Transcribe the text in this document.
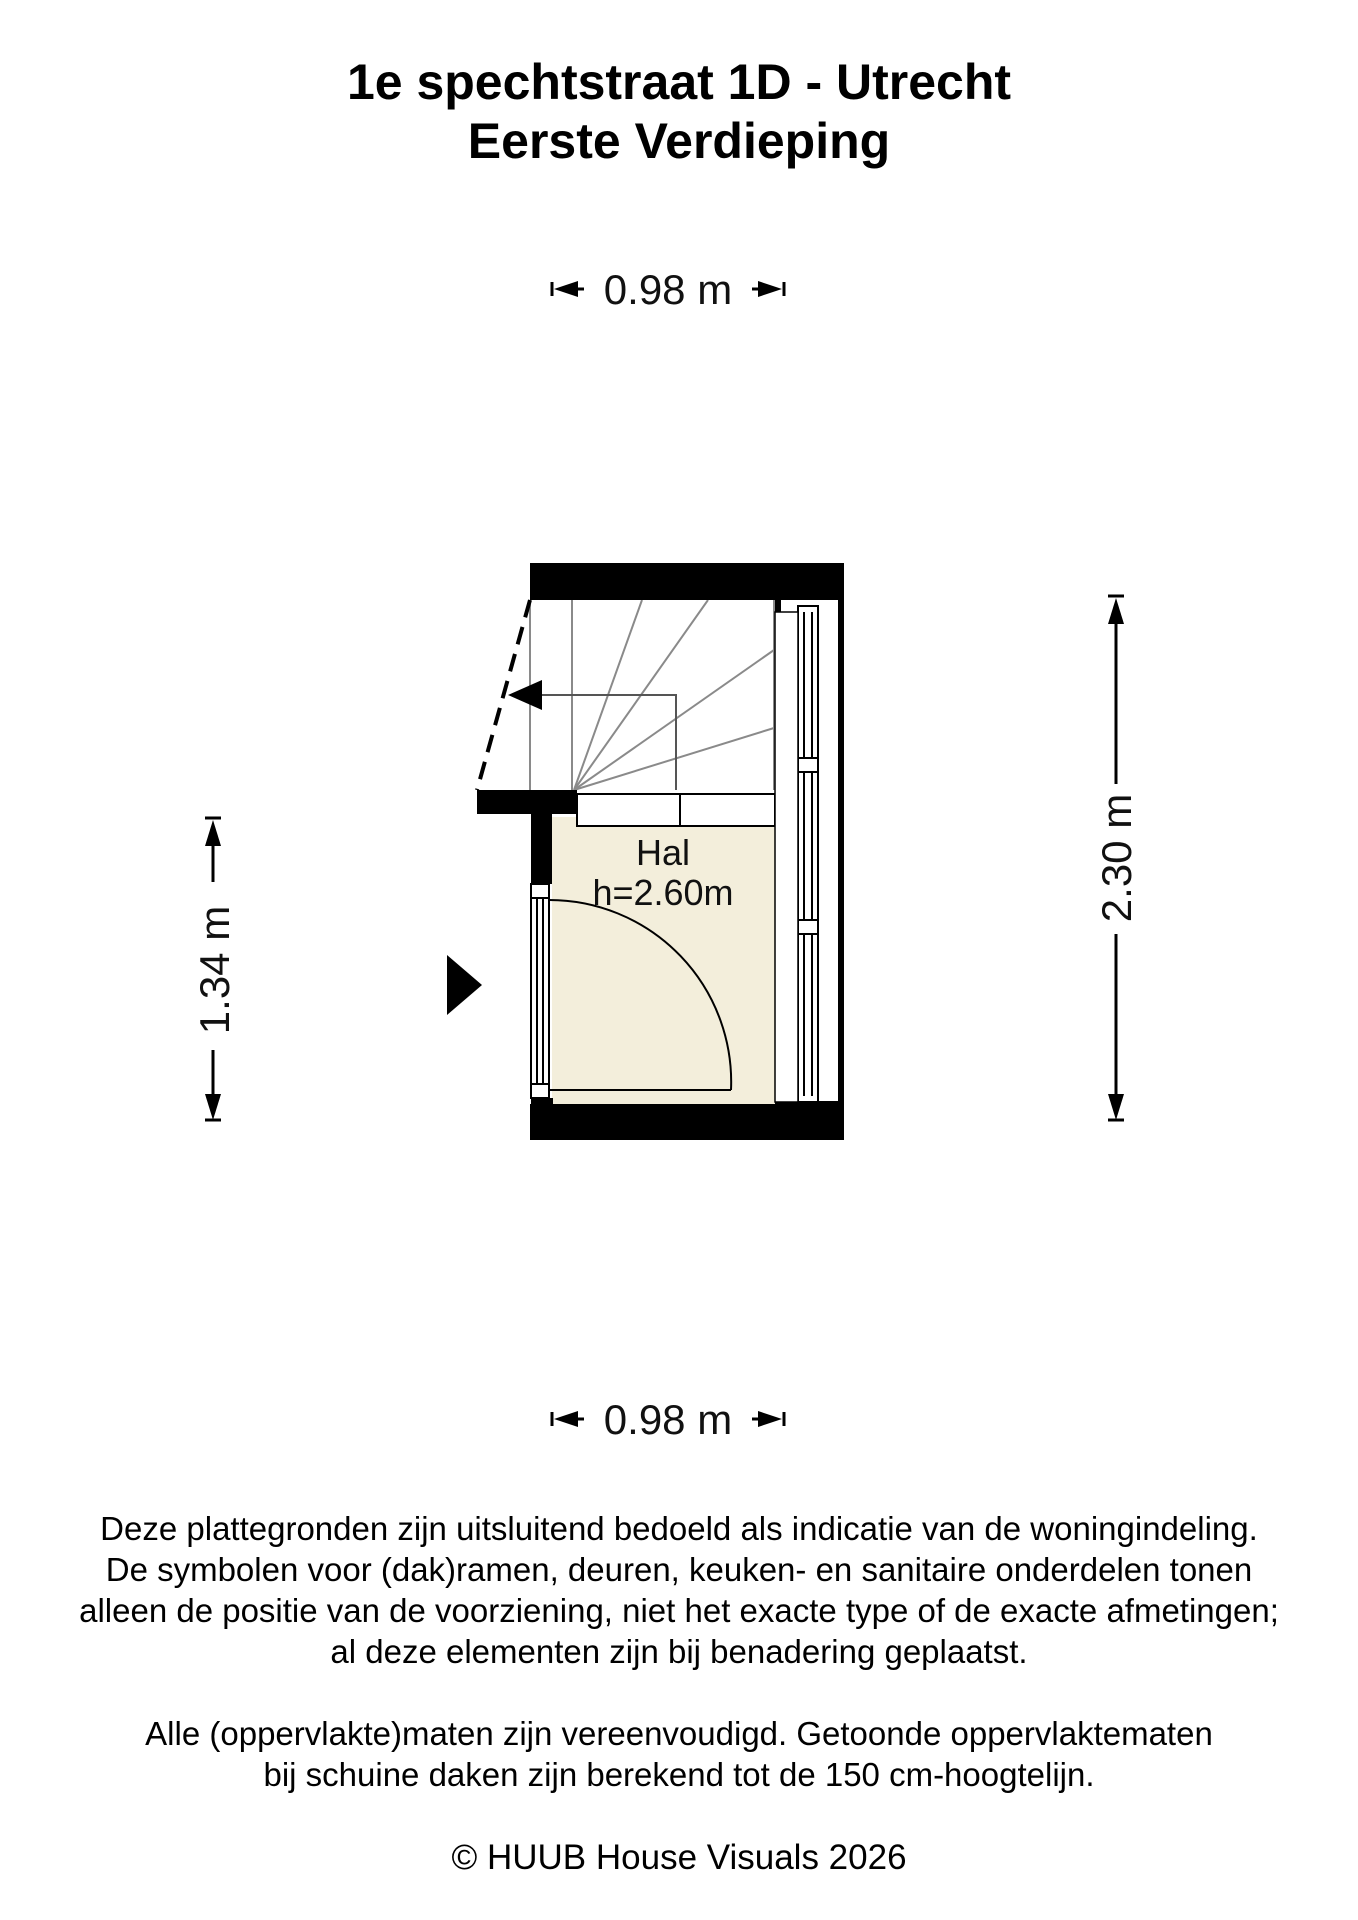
1e spechtstraat 1D - Utrecht
Eerste Verdieping
0.98 m
0.98 m
1.34 m
2.30 m
Hal
h=2.60m
Deze plattegronden zijn uitsluitend bedoeld als indicatie van de woningindeling.
De symbolen voor (dak)ramen, deuren, keuken- en sanitaire onderdelen tonen
alleen de positie van de voorziening, niet het exacte type of de exacte afmetingen;
al deze elementen zijn bij benadering geplaatst.
Alle (oppervlakte)maten zijn vereenvoudigd. Getoonde oppervlaktematen
bij schuine daken zijn berekend tot de 150 cm-hoogtelijn.
© HUUB House Visuals 2026
